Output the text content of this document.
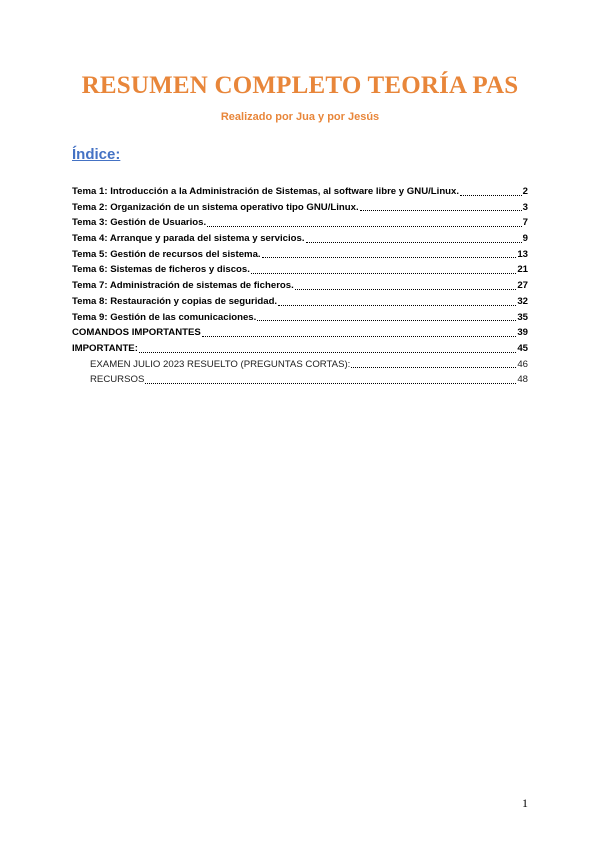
RESUMEN COMPLETO TEORÍA PAS
Realizado por Jua y por Jesús
Índice:
Tema 1: Introducción a la Administración de Sistemas, al software libre y GNU/Linux.	2
Tema 2: Organización de un sistema operativo tipo GNU/Linux.	3
Tema 3: Gestión de Usuarios.	7
Tema 4: Arranque y parada del sistema y servicios.	9
Tema 5: Gestión de recursos del sistema.	13
Tema 6: Sistemas de ficheros y discos.	21
Tema 7: Administración de sistemas de ficheros.	27
Tema 8: Restauración y copias de seguridad.	32
Tema 9: Gestión de las comunicaciones.	35
COMANDOS IMPORTANTES	39
IMPORTANTE:	45
EXAMEN JULIO 2023 RESUELTO (PREGUNTAS CORTAS):	46
RECURSOS	48
1
